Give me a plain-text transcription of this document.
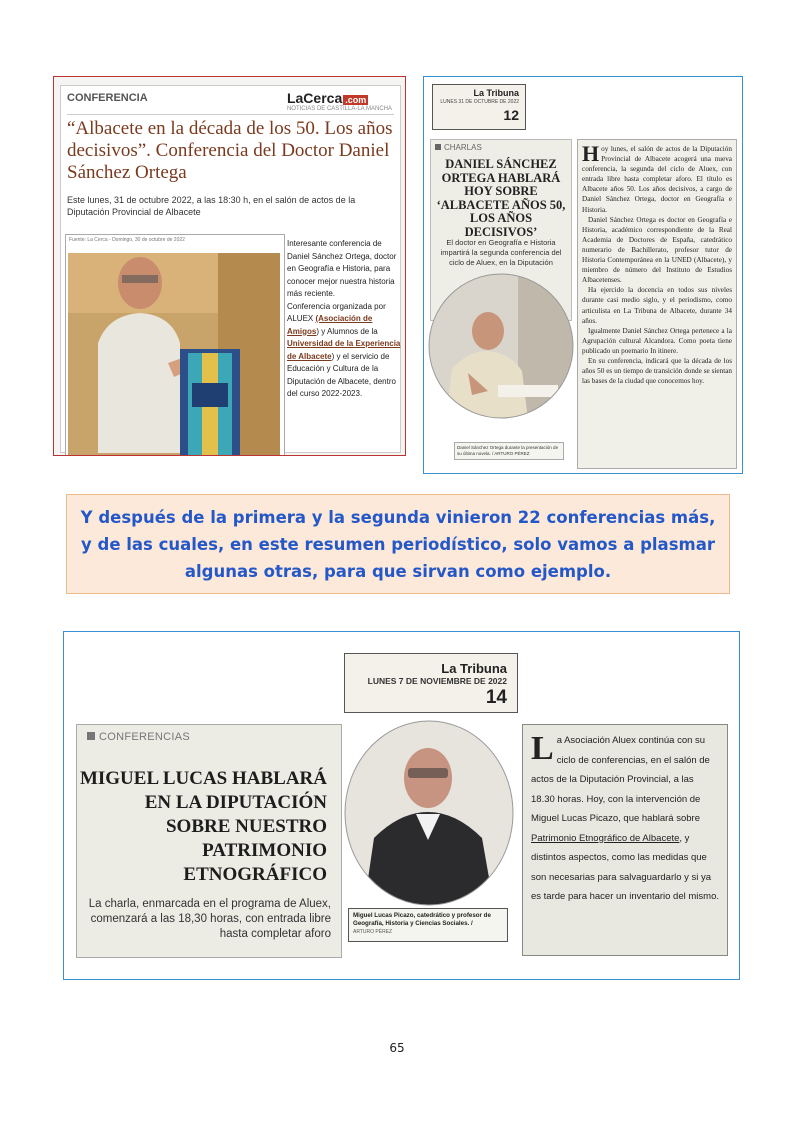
CONFERENCIA	LaCerca .com
NOTICIAS DE CASTILLA-LA MANCHA
“Albacete en la década de los 50. Los años decisivos”. Conferencia del Doctor Daniel Sánchez Ortega
Este lunes, 31 de octubre 2022, a las 18:30 h, en el salón de actos de la Diputación Provincial de Albacete
Fuente: La Cerca - Domingo, 30 de octubre de 2022	Interesante conferencia de Daniel Sánchez Ortega, doctor en Geografía e Historia, para conocer mejor nuestra historia más reciente.

Conferencia organizada por ALUEX (Asociación de Amigos) y Alumnos de la Universidad de la Experiencia de Albacete) y el servicio de Educación y Cultura de la Diputación de Albacete, dentro del curso 2022-2023.

La Tribuna
LUNES 31 DE OCTUBRE DE 2022
12
CHARLAS
DANIEL SÁNCHEZ ORTEGA HABLARÁ HOY SOBRE ‘ALBACETE AÑOS 50, LOS AÑOS DECISIVOS’
El doctor en Geografía e Historia impartirá la segunda conferencia del ciclo de Aluex, en la Diputación
Daniel Sánchez Ortega durante la presentación de su última novela. / ARTURO PÉREZ

Hoy lunes, el salón de actos de la Diputación Provincial de Albacete acogerá una nueva conferencia, la segunda del ciclo de Aluex, con entrada libre hasta completar aforo. El título es Albacete años 50. Los años decisivos, a cargo de Daniel Sánchez Ortega, doctor en Geografía e Historia.

Daniel Sánchez Ortega es doctor en Geografía e Historia, académico correspondiente de la Real Academia de Doctores de España, catedrático numerario de Bachillerato, profesor tutor de Historia Contemporánea en la UNED (Albacete), y miembro de número del Instituto de Estudios Albacetenses.

Ha ejercido la docencia en todos sus niveles durante casi medio siglo, y el periodismo, como articulista en La Tribuna de Albacete, durante 34 años.

Igualmente Daniel Sánchez Ortega pertenece a la Agrupación cultural Alcandora. Como poeta tiene publicado un poemario In itinere.

En su conferencia, indicará que la década de los años 50 es un tiempo de transición donde se sientan las bases de la ciudad que conocemos hoy.

Y después de la primera y la segunda vinieron 22 conferencias más, y de las cuales, en este resumen periodístico, solo vamos a plasmar algunas otras, para que sirvan como ejemplo.

La Tribuna
LUNES 7 DE NOVIEMBRE DE 2022
14
CONFERENCIAS
MIGUEL LUCAS HABLARÁ EN LA DIPUTACIÓN SOBRE NUESTRO PATRIMONIO ETNOGRÁFICO
La charla, enmarcada en el programa de Aluex, comenzará a las 18,30 horas, con entrada libre hasta completar aforo
Miguel Lucas Picazo, catedrático y profesor de Geografía, Historia y Ciencias Sociales. /
ARTURO PÉREZ
La Asociación Aluex continúa con su ciclo de conferencias, en el salón de actos de la Diputación Provincial, a las 18.30 horas. Hoy, con la intervención de Miguel Lucas Picazo, que hablará sobre Patrimonio Etnográfico de Albacete, y distintos aspectos, como las medidas que son necesarias para salvaguardarlo y si ya es tarde para hacer un inventario del mismo.
65
